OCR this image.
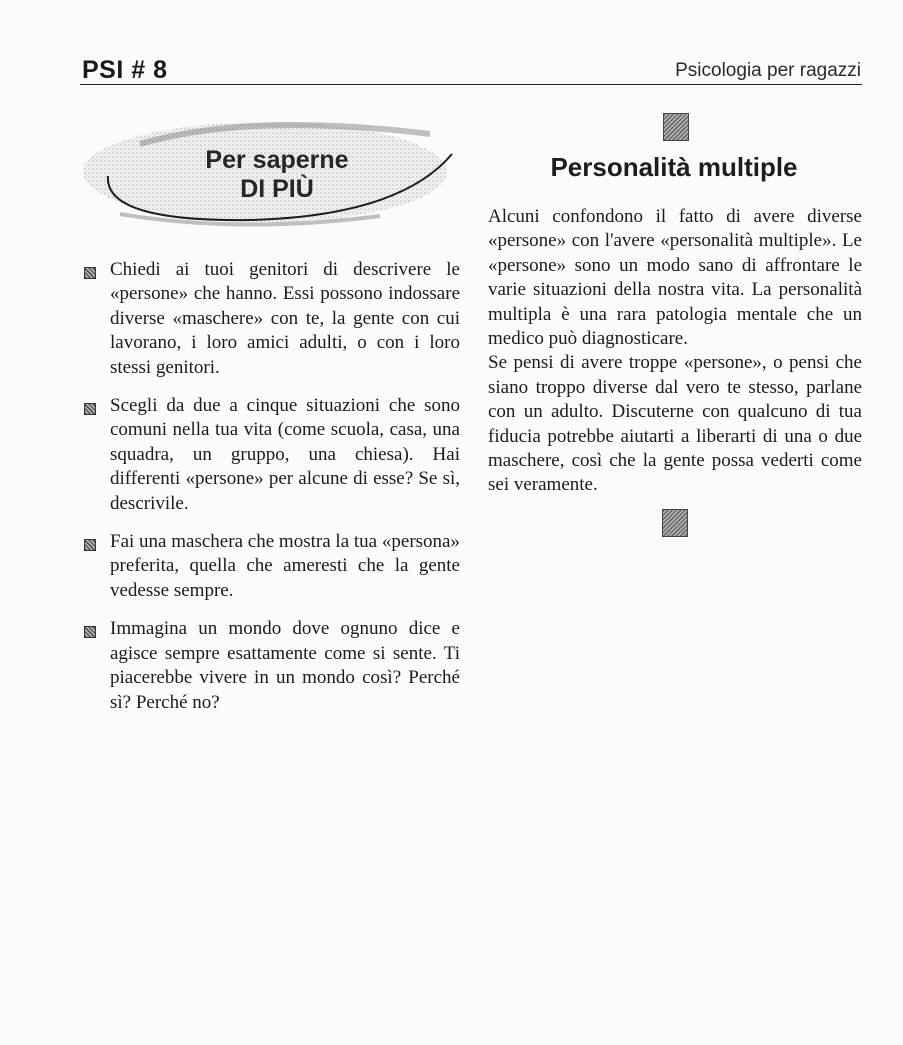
PSI # 8	Psicologia per ragazzi
Per saperne
DI PIÙ
Chiedi ai tuoi genitori di descrivere le «persone» che hanno. Essi possono indossare diverse «maschere» con te, la gente con cui lavorano, i loro amici adulti, o con i loro stessi genitori.
Scegli da due a cinque situazioni che sono comuni nella tua vita (come scuola, casa, una squadra, un gruppo, una chiesa). Hai differenti «persone» per alcune di esse? Se sì, descrivile.
Fai una maschera che mostra la tua «persona» preferita, quella che ameresti che la gente vedesse sempre.
Immagina un mondo dove ognuno dice e agisce sempre esattamente come si sente. Ti piacerebbe vivere in un mondo così? Perché sì? Perché no?
Personalità multiple

Alcuni confondono il fatto di avere diverse «persone» con l'avere «personalità multiple». Le «persone» sono un modo sano di affrontare le varie situazioni della nostra vita. La personalità multipla è una rara patologia mentale che un medico può diagnosticare.

Se pensi di avere troppe «persone», o pensi che siano troppo diverse dal vero te stesso, parlane con un adulto. Discuterne con qualcuno di tua fiducia potrebbe aiutarti a liberarti di una o due maschere, così che la gente possa vederti come sei veramente.
